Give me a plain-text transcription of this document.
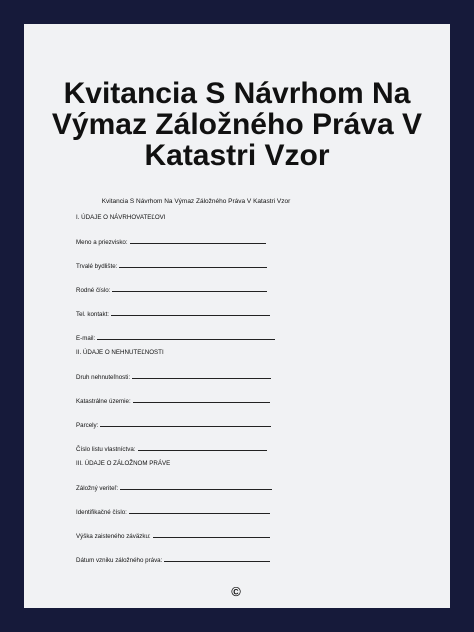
Kvitancia S Návrhom Na Výmaz Záložného Práva V Katastri Vzor
Kvitancia S Návrhom Na Výmaz Záložného Práva V Katastri Vzor
I. ÚDAJE O NÁVRHOVATEĽOVI
Meno a priezvisko:
Trvalé bydlište:
Rodné číslo:
Tel. kontakt:
E-mail:
II. ÚDAJE O NEHNUTEĽNOSTI
Druh nehnuteľnosti:
Katastrálne územie:
Parcely:
Číslo listu vlastníctva:
III. ÚDAJE O ZÁLOŽNOM PRÁVE
Záložný veriteľ:
Identifikačné číslo:
Výška zaisteného záväzku:
Dátum vzniku záložného práva:
©
